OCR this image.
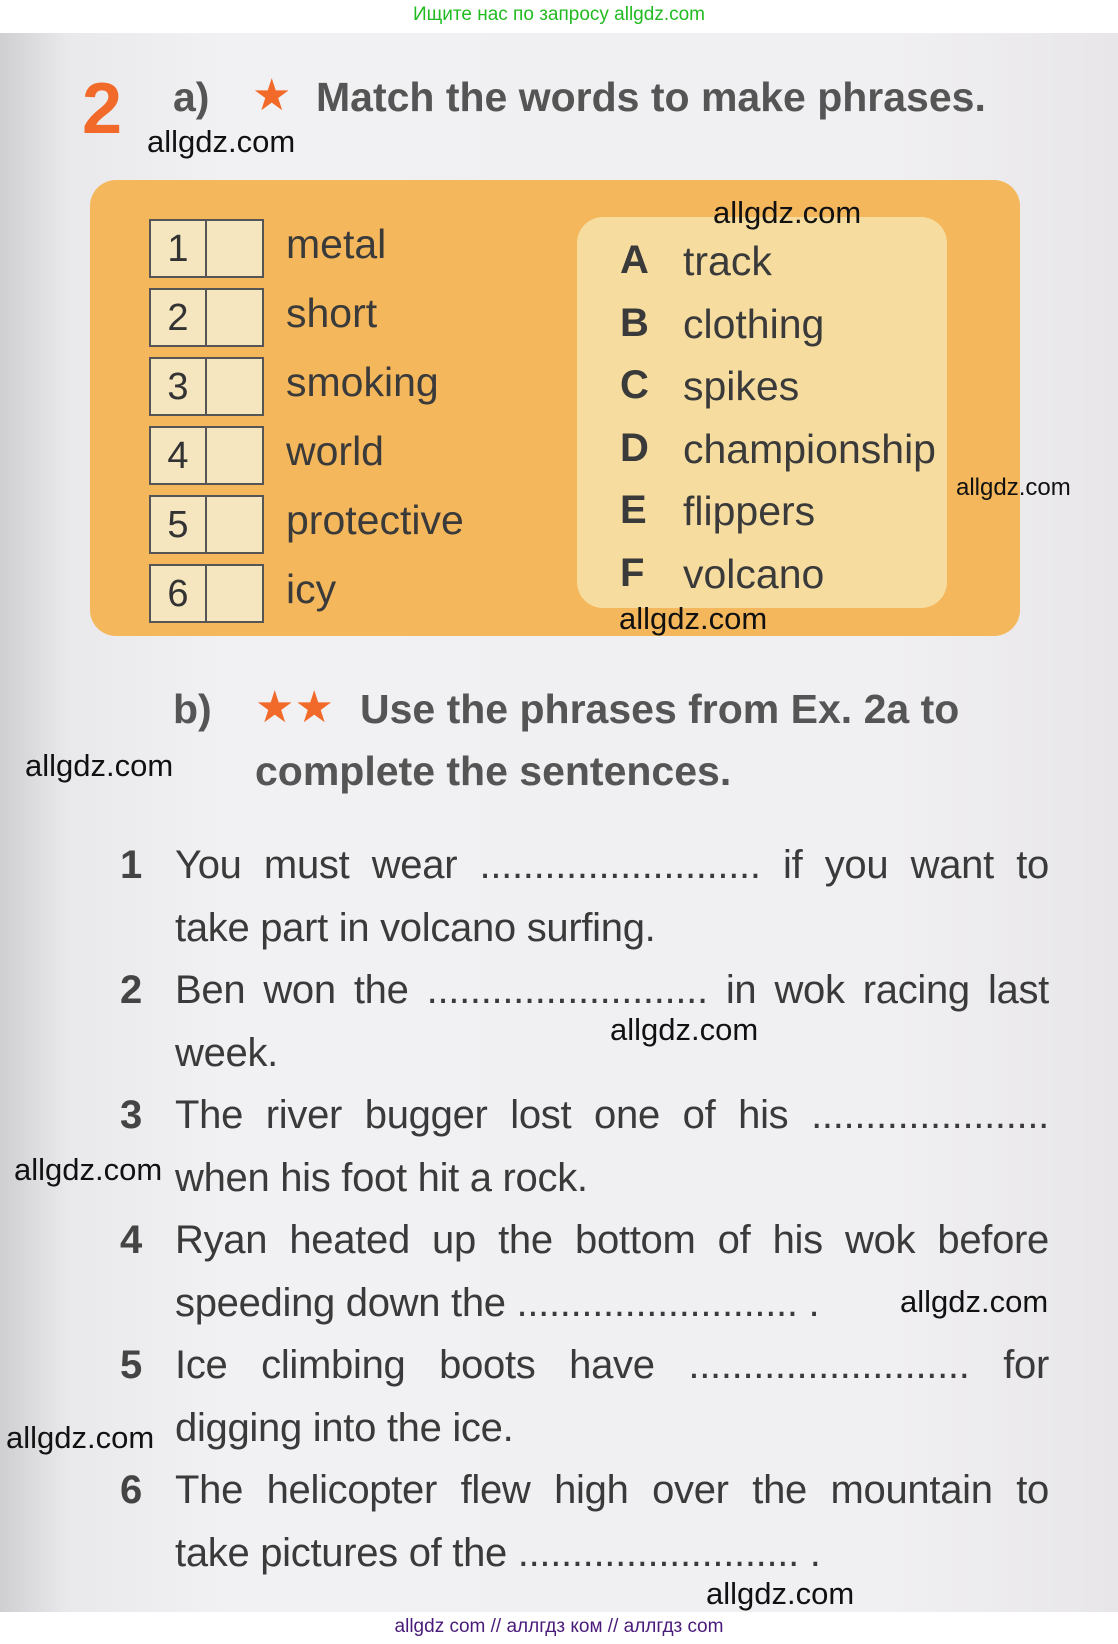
Ищите нас по запросу allgdz.com
2 a) ★ Match the words to make phrases.
1	metal
2	short
3	smoking
4	world
5	protective
6	icy
A track
B clothing
C spikes
D championship
E flippers
F volcano
b) ★★ Use the phrases from Ex. 2a to
complete the sentences.
1 You must wear .......................... if you want to
take part in volcano surfing.
2 Ben won the .......................... in wok racing last
week.
3 The river bugger lost one of his ......................
when his foot hit a rock.
4 Ryan heated up the bottom of his wok before
speeding down the .......................... .
5 Ice climbing boots have .......................... for
digging into the ice.
6 The helicopter flew high over the mountain to
take pictures of the .......................... .
allgdz.com
allgdz.com
allgdz.com
allgdz.com
allgdz.com
allgdz.com
allgdz.com
allgdz.com
allgdz.com
allgdz.com
allgdz com // аллгдз ком // аллгдз com
